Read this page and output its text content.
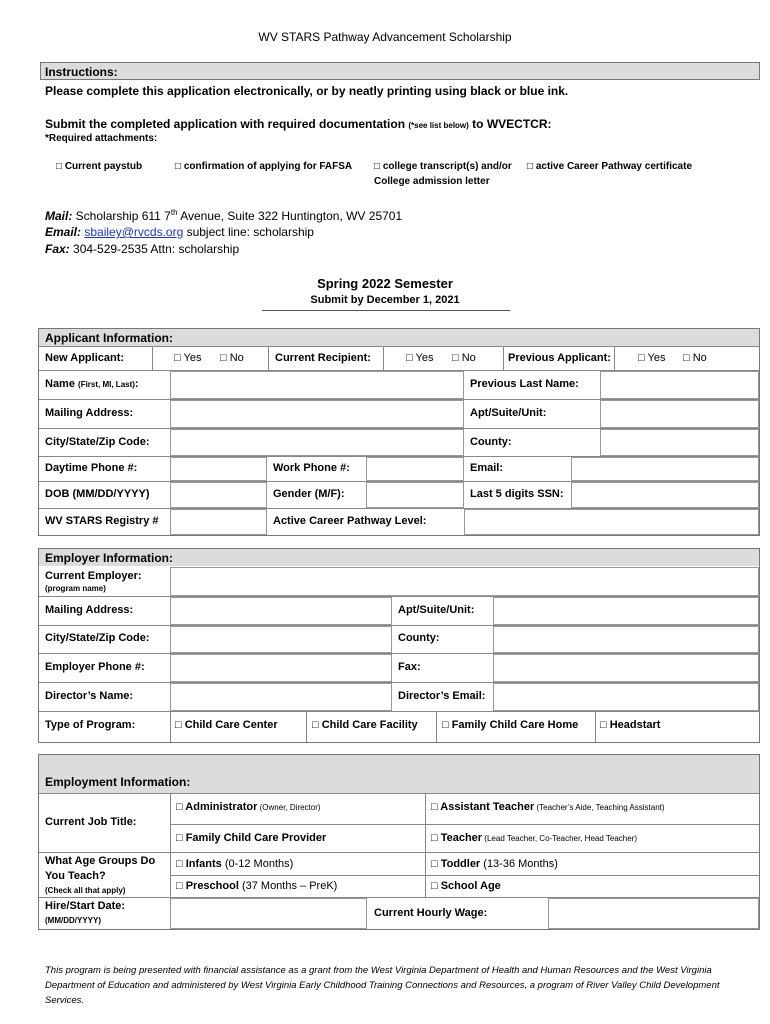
WV STARS Pathway Advancement Scholarship
Instructions:
Please complete this application electronically, or by neatly printing using black or blue ink.
Submit the completed application with required documentation (*see list below) to WVECTCR:
*Required attachments:
□ Current paystub	□ confirmation of applying for FAFSA □ college transcript(s) and/or
College admission letter
□ active Career Pathway certificate
Mail: Scholarship 611 7th Avenue, Suite 322 Huntington, WV 25701
Email: sbailey@rvcds.org subject line: scholarship
Fax: 304-529-2535 Attn: scholarship
Spring 2022 Semester
Submit by December 1, 2021
Applicant Information:
New Applicant:	□ Yes □ No	Current Recipient:	□ Yes □ No	Previous Applicant: □ Yes □ No
Name (First, MI, Last):	Previous Last Name:
Mailing Address:	Apt/Suite/Unit:
City/State/Zip Code:	County:
Daytime Phone #:	Work Phone #:	Email:
DOB (MM/DD/YYYY)	Gender (M/F):	Last 5 digits SSN:
WV STARS Registry #	Active Career Pathway Level:
Employer Information:
Current Employer:
(program name)
Mailing Address:	Apt/Suite/Unit:
City/State/Zip Code:	County:
Employer Phone #:	Fax:
Director’s Name:	Director’s Email:
Type of Program:	□ Child Care Center	□ Child Care Facility □ Family Child Care Home □ Headstart
Employment Information:
Current Job Title:
□ Administrator (Owner, Director)	□ Assistant Teacher (Teacher’s Aide, Teaching Assistant)
□ Family Child Care Provider	□ Teacher (Lead Teacher, Co-Teacher, Head Teacher)
What Age Groups Do
You Teach?
(Check all that apply)
□ Infants (0-12 Months)	□ Toddler (13-36 Months)
□ Preschool (37 Months – PreK)	□ School Age
Hire/Start Date:
(MM/DD/YYYY)
Current Hourly Wage:
This program is being presented with financial assistance as a grant from the West Virginia Department of Health and Human Resources and the West Virginia Department of Education and administered by West Virginia Early Childhood Training Connections and Resources, a program of River Valley Child Development Services.
